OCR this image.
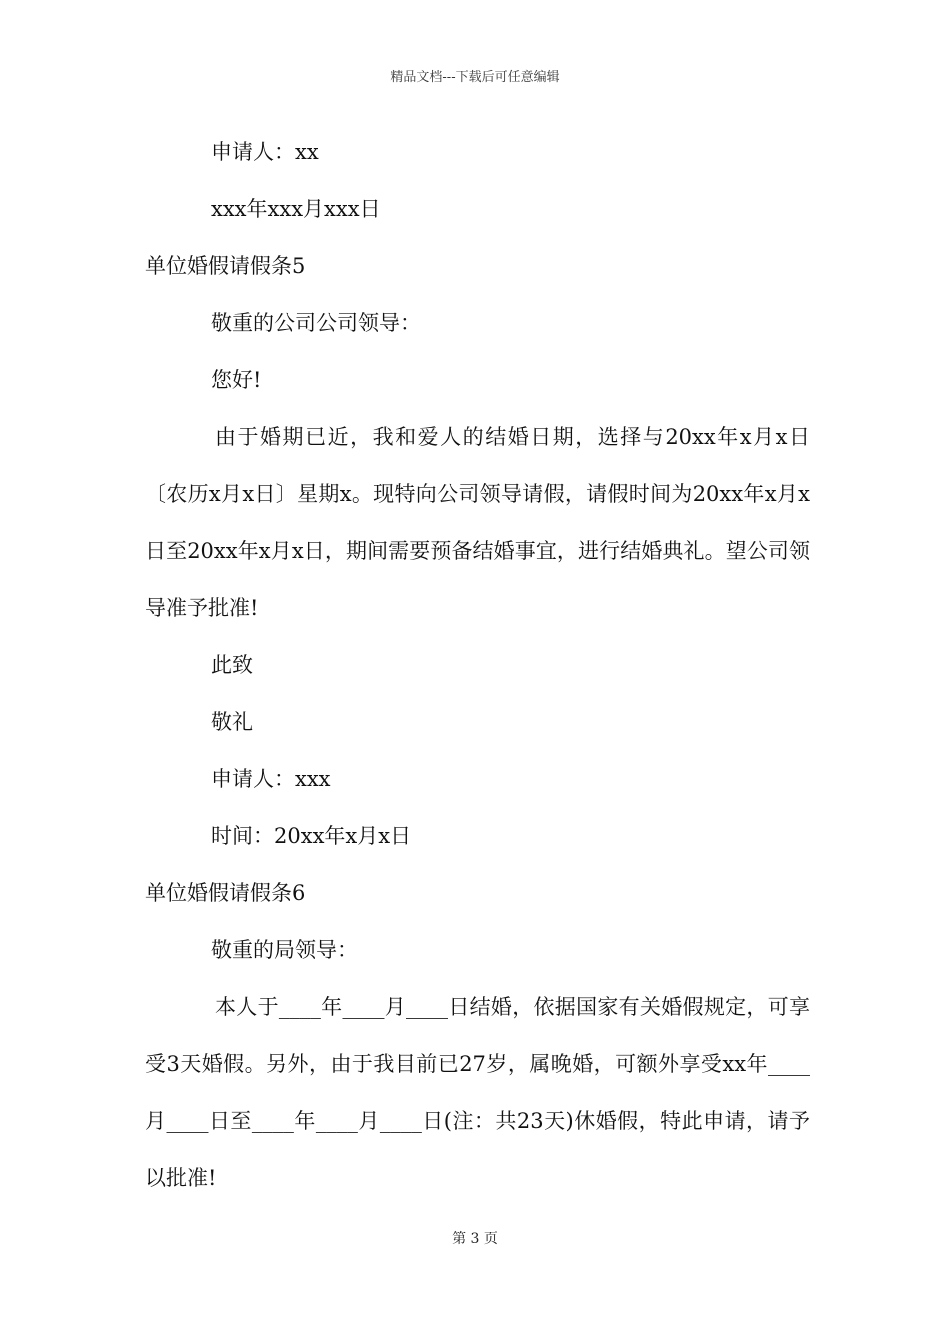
精品文档---下载后可任意编辑
申请人：xx
xxx年xxx月xxx日
单位婚假请假条5
敬重的公司公司领导：
您好!

由于婚期已近，我和爱人的结婚日期，选择与20xx年x月x日〔农历x月x日〕星期x。现特向公司领导请假，请假时间为20xx年x月x日至20xx年x月x日，期间需要预备结婚事宜，进行结婚典礼。望公司领导准予批准!

此致
敬礼
申请人：xxx
时间：20xx年x月x日
单位婚假请假条6
敬重的局领导：

本人于____年____月____日结婚，依据国家有关婚假规定，可享受3天婚假。另外，由于我目前已27岁，属晚婚，可额外享受xx年____月____日至____年____月____日(注：共23天)休婚假，特此申请，请予以批准!

第 3 页
